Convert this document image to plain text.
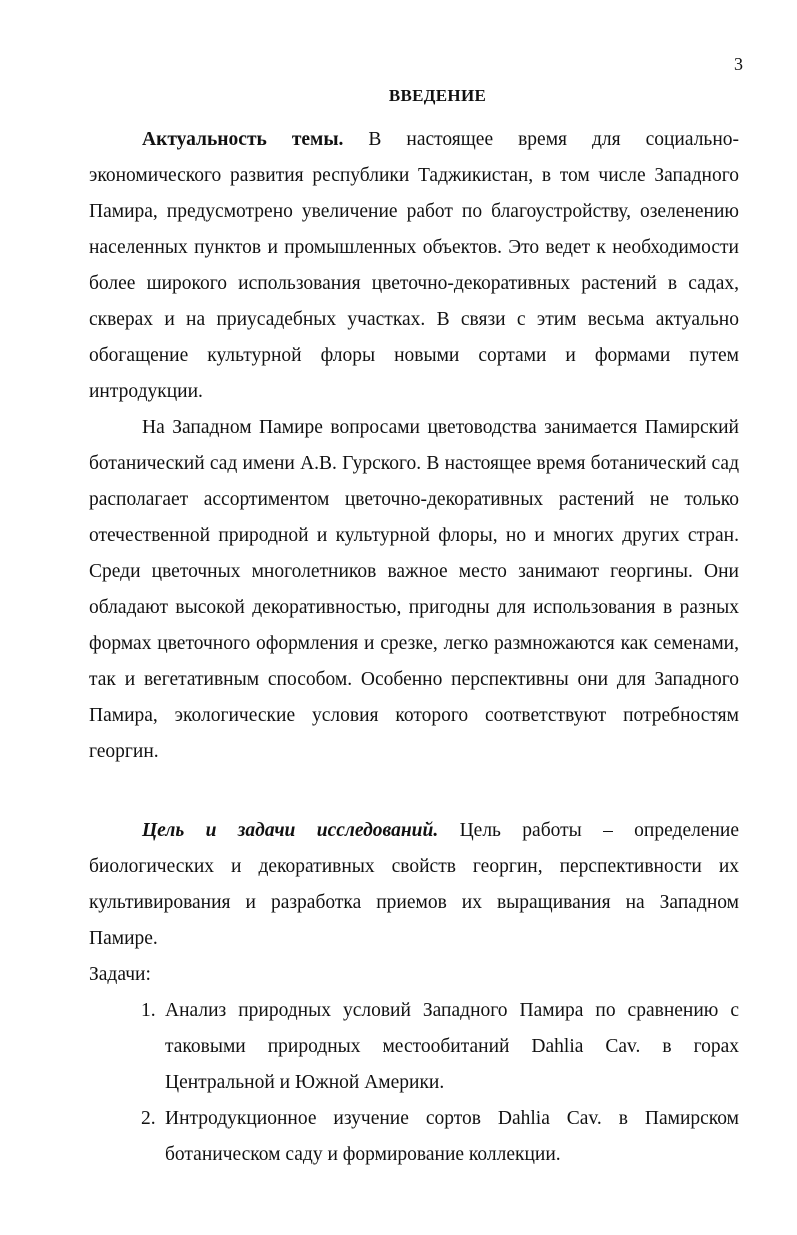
3
ВВЕДЕНИЕ

Актуальность темы. В настоящее время для социально-экономического развития республики Таджикистан, в том числе Западного Памира, предусмотрено увеличение работ по благоустройству, озеленению населенных пунктов и промышленных объектов. Это ведет к необходимости более широкого использования цветочно-декоративных растений в садах, скверах и на приусадебных участках. В связи с этим весьма актуально обогащение культурной флоры новыми сортами и формами путем интродукции.

На Западном Памире вопросами цветоводства занимается Памирский ботанический сад имени А.В. Гурского. В настоящее время ботанический сад располагает ассортиментом цветочно-декоративных растений не только отечественной природной и культурной флоры, но и многих других стран. Среди цветочных многолетников важное место занимают георгины. Они обладают высокой декоративностью, пригодны для использования в разных формах цветочного оформления и срезке, легко размножаются как семенами, так и вегетативным способом. Особенно перспективны они для Западного Памира, экологические условия которого соответствуют потребностям георгин.

Цель и задачи исследований. Цель работы – определение биологических и декоративных свойств георгин, перспективности их культивирования и разработка приемов их выращивания на Западном Памире.

Задачи:
1. Анализ природных условий Западного Памира по сравнению с таковыми природных местообитаний Dahlia Cav. в горах Центральной и Южной Америки.
2. Интродукционное изучение сортов Dahlia Cav. в Памирском ботаническом саду и формирование коллекции.
